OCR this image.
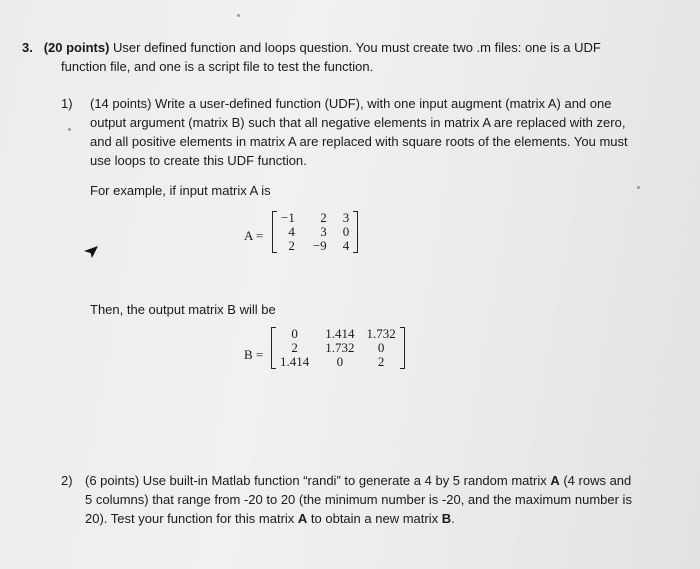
3. (20 points) User defined function and loops question. You must create two .m files: one is a UDF
function file, and one is a script file to test the function.
1) (14 points) Write a user-defined function (UDF), with one input augment (matrix A) and one
output argument (matrix B) such that all negative elements in matrix A are replaced with zero,
and all positive elements in matrix A are replaced with square roots of the elements. You must
use loops to create this UDF function.
For example, if input matrix A is
A =
−1	2	3
4	3	0
2	−9	4
Then, the output matrix B will be
B =
0	1.414	1.732
2	1.732	0
1.414	0	2
2) (6 points) Use built-in Matlab function “randi” to generate a 4 by 5 random matrix A (4 rows and
5 columns) that range from -20 to 20 (the minimum number is -20, and the maximum number is
20). Test your function for this matrix A to obtain a new matrix B.
